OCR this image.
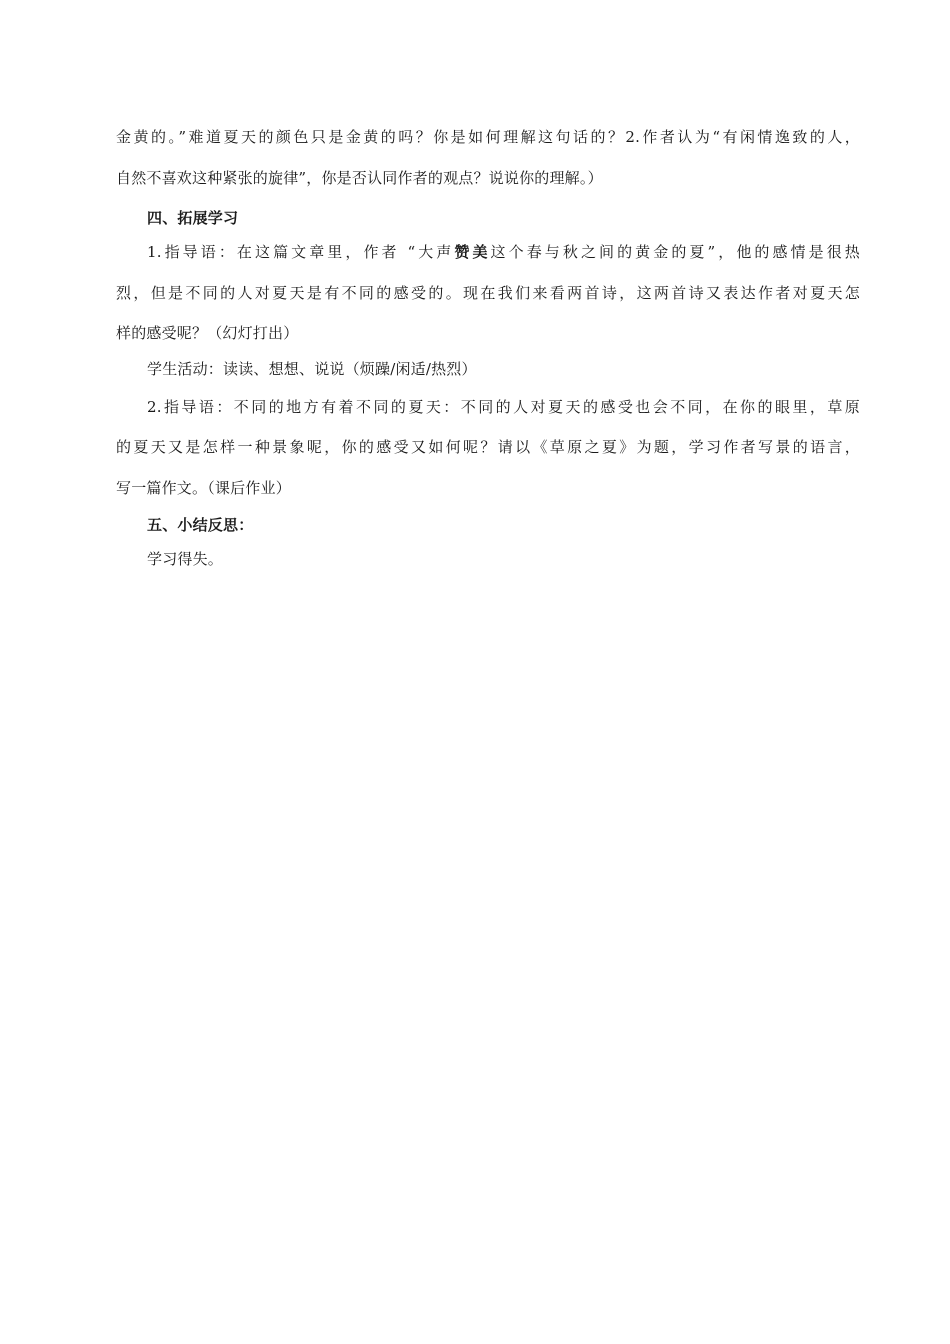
金黄的。”难道夏天的颜色只是金黄的吗？你是如何理解这句话的？2.作者认为“有闲情逸致的人，
自然不喜欢这种紧张的旋律”，你是否认同作者的观点？说说你的理解。）
四、拓展学习
1.指导语：在这篇文章里，作者 “大声赞美这个春与秋之间的黄金的夏”，他的感情是很热
烈，但是不同的人对夏天是有不同的感受的。现在我们来看两首诗，这两首诗又表达作者对夏天怎
样的感受呢？（幻灯打出）
学生活动：读读、想想、说说（烦躁/闲适/热烈）
2.指导语：不同的地方有着不同的夏天：不同的人对夏天的感受也会不同，在你的眼里，草原
的夏天又是怎样一种景象呢，你的感受又如何呢？请以《草原之夏》为题，学习作者写景的语言，
写一篇作文。（课后作业）
五、小结反思：
学习得失。
